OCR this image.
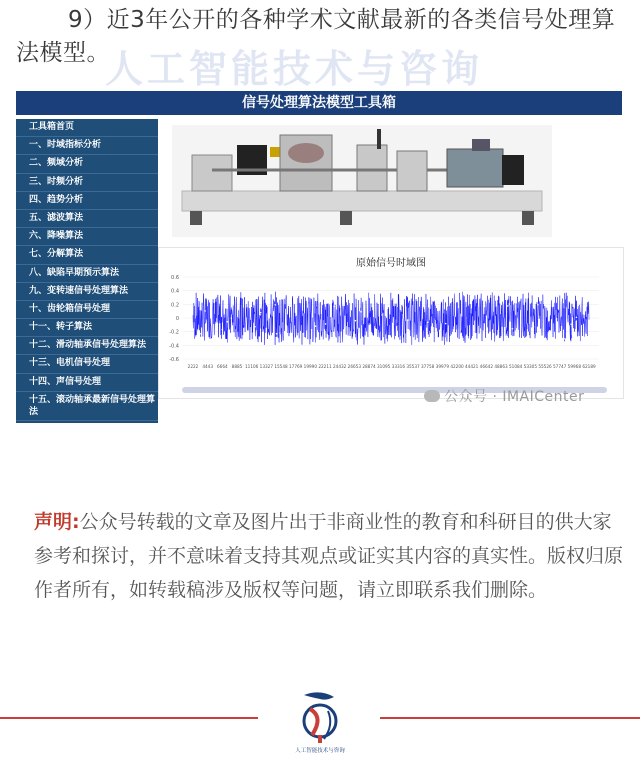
人工智能技术与咨询
9）近3年公开的各种学术文献最新的各类信号处理算法模型。
信号处理算法模型工具箱
工具箱首页
一、时域指标分析
二、频域分析
三、时频分析
四、趋势分析
五、滤波算法
六、降噪算法
七、分解算法
八、缺陷早期预示算法
九、变转速信号处理算法
十、齿轮箱信号处理
十一、转子算法
十二、滑动轴承信号处理算法
十三、电机信号处理
十四、声信号处理
十五、滚动轴承最新信号处理算法
原始信号时域图
0.6
0.4
0.2
0
-0.2
-0.4
-0.6
2222 4443 6664 8885 11106 13327 15548 17769 19990 22211 24432 26653 28874 31095 33316 35537 37758 39979 42200 44421 46642 48863 51084 53305 55526 57747 59968 62189
公众号 · IMAICenter
声明:公众号转载的文章及图片出于非商业性的教育和科研目的供大家参考和探讨，并不意味着支持其观点或证实其内容的真实性。版权归原作者所有，如转载稿涉及版权等问题，请立即联系我们删除。
人工智能技术与咨询
